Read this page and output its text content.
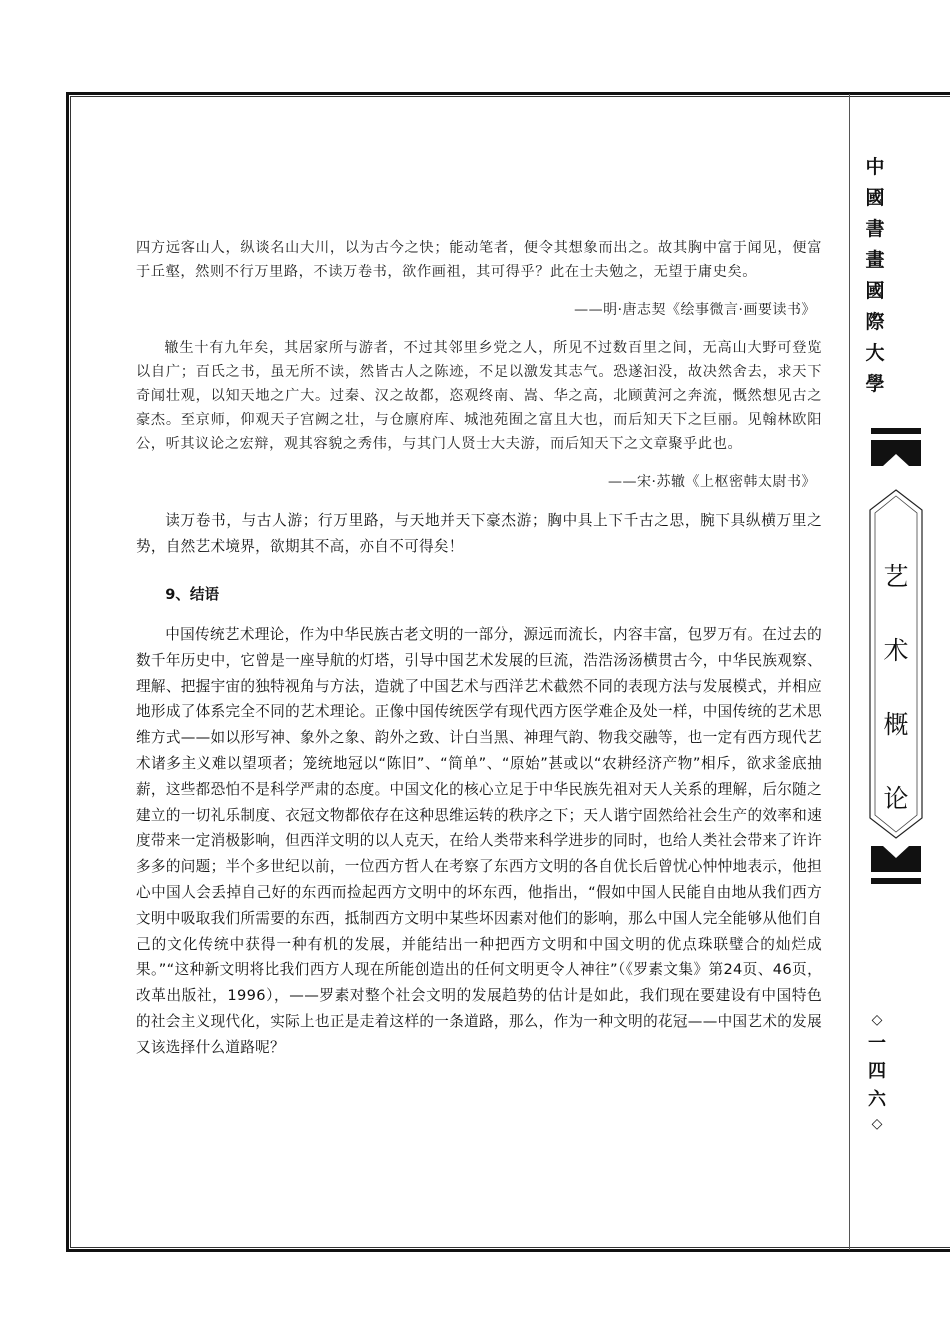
四方远客山人，纵谈名山大川，以为古今之快；能动笔者，便令其想象而出之。故其胸中富于闻见，便富于丘壑，然则不行万里路，不读万卷书，欲作画祖，其可得乎？此在士夫勉之，无望于庸史矣。

——明·唐志契《绘事微言·画要读书》

辙生十有九年矣，其居家所与游者，不过其邻里乡党之人，所见不过数百里之间，无高山大野可登览以自广；百氏之书，虽无所不读，然皆古人之陈迹，不足以激发其志气。恐遂汩没，故决然舍去，求天下奇闻壮观，以知天地之广大。过秦、汉之故都，恣观终南、嵩、华之高，北顾黄河之奔流，慨然想见古之豪杰。至京师，仰观天子宫阙之壮，与仓廪府库、城池苑囿之富且大也，而后知天下之巨丽。见翰林欧阳公，听其议论之宏辩，观其容貌之秀伟，与其门人贤士大夫游，而后知天下之文章聚乎此也。

——宋·苏辙《上枢密韩太尉书》

读万卷书，与古人游；行万里路，与天地并天下豪杰游；胸中具上下千古之思，腕下具纵横万里之势，自然艺术境界，欲期其不高，亦自不可得矣！

9、结语

中国传统艺术理论，作为中华民族古老文明的一部分，源远而流长，内容丰富，包罗万有。在过去的数千年历史中，它曾是一座导航的灯塔，引导中国艺术发展的巨流，浩浩汤汤横贯古今，中华民族观察、理解、把握宇宙的独特视角与方法，造就了中国艺术与西洋艺术截然不同的表现方法与发展模式，并相应地形成了体系完全不同的艺术理论。正像中国传统医学有现代西方医学难企及处一样，中国传统的艺术思维方式——如以形写神、象外之象、韵外之致、计白当黑、神理气韵、物我交融等，也一定有西方现代艺术诸多主义难以望项者；笼统地冠以“陈旧”、“简单”、“原始”甚或以“农耕经济产物”相斥，欲求釜底抽薪，这些都恐怕不是科学严肃的态度。中国文化的核心立足于中华民族先祖对天人关系的理解，后尔随之建立的一切礼乐制度、衣冠文物都依存在这种思维运转的秩序之下；天人谐宁固然给社会生产的效率和速度带来一定消极影响，但西洋文明的以人克天，在给人类带来科学进步的同时，也给人类社会带来了许许多多的问题；半个多世纪以前，一位西方哲人在考察了东西方文明的各自优长后曾忧心忡忡地表示，他担心中国人会丢掉自己好的东西而捡起西方文明中的坏东西，他指出，“假如中国人民能自由地从我们西方文明中吸取我们所需要的东西，抵制西方文明中某些坏因素对他们的影响，那么中国人完全能够从他们自己的文化传统中获得一种有机的发展，并能结出一种把西方文明和中国文明的优点珠联璧合的灿烂成果。”“这种新文明将比我们西方人现在所能创造出的任何文明更令人神往”（《罗素文集》第24页、46页，改革出版社，1996），——罗素对整个社会文明的发展趋势的估计是如此，我们现在要建设有中国特色的社会主义现代化，实际上也正是走着这样的一条道路，那么，作为一种文明的花冠——中国艺术的发展又该选择什么道路呢？

中
國
書
畫
國
際
大
學
艺
术
概
论
◇
一
四
六
◇
